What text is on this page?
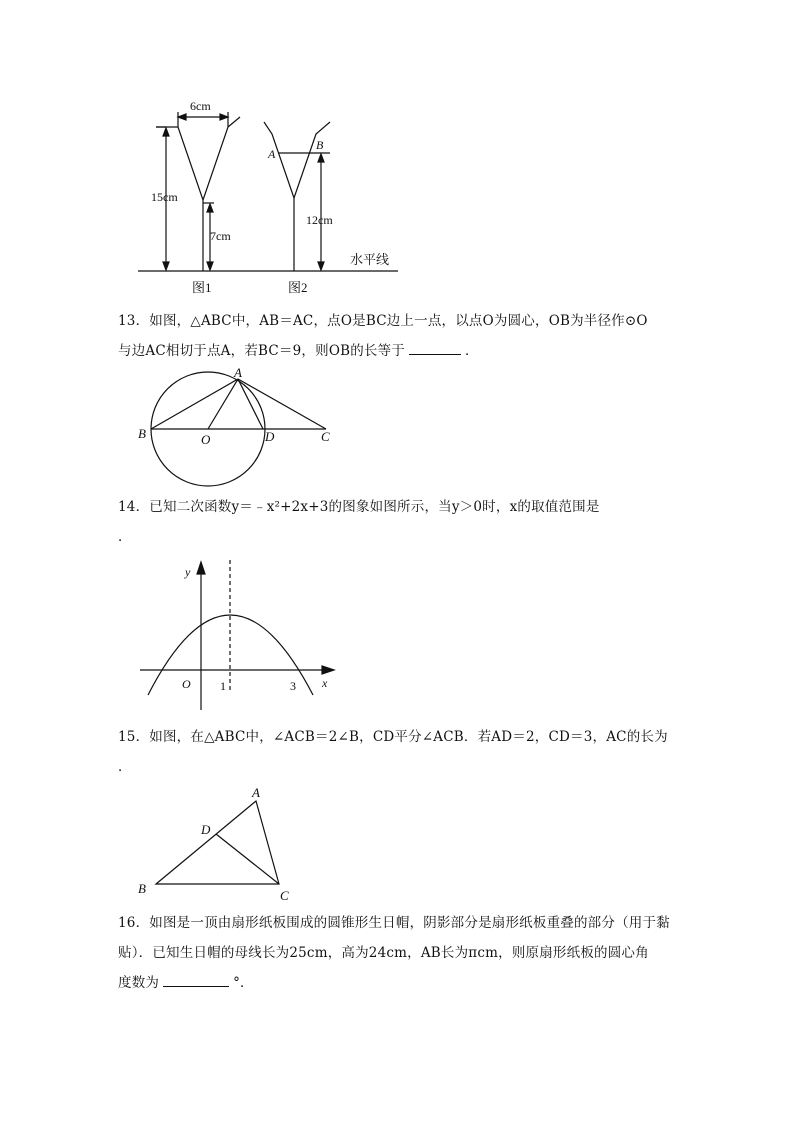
6cm
15cm
7cm
图1
A
B
12cm
图2
水平线

13．如图，△ABC中，AB＝AC，点O是BC边上一点，以点O为圆心，OB为半径作⊙O

与边AC相切于点A，若BC＝9，则OB的长等于	．

A
B	O	D	C

14．已知二次函数y＝﹣x²+2x+3的图象如图所示，当y＞0时，x的取值范围是

．

y
x
O 1	3

15．如图，在△ABC中，∠ACB＝2∠B，CD平分∠ACB．若AD＝2，CD＝3，AC的长为

．

A
B	C
D

16．如图是一顶由扇形纸板围成的圆锥形生日帽，阴影部分是扇形纸板重叠的部分（用于黏

贴）．已知生日帽的母线长为25cm，高为24cm，AB长为πcm，则原扇形纸板的圆心角

度数为	°．
